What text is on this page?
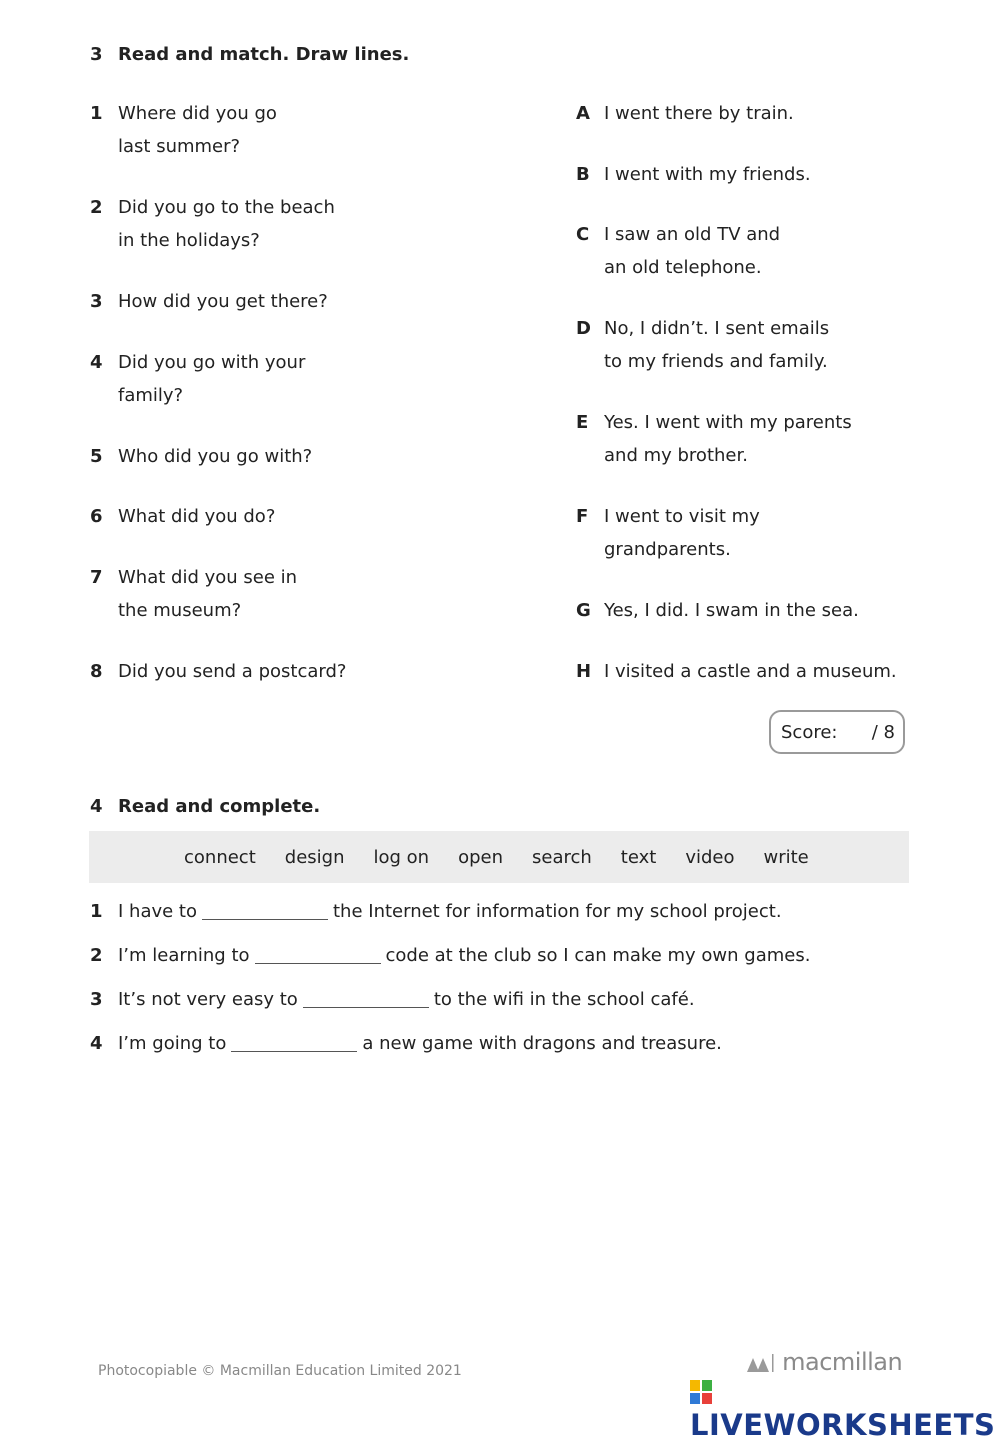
3 Read and match. Draw lines.
1 Where did you go
last summer?
2 Did you go to the beach
in the holidays?
3 How did you get there?
4 Did you go with your
family?
5 Who did you go with?
6 What did you do?
7 What did you see in
the museum?
8 Did you send a postcard?
A I went there by train.
B I went with my friends.
C I saw an old TV and
an old telephone.
D No, I didn’t. I sent emails
to my friends and family.
E Yes. I went with my parents
and my brother.
F I went to visit my
grandparents.
G Yes, I did. I swam in the sea.
H I visited a castle and a museum.
Score: / 8
4 Read and complete.
connect design log on open search text video write
1 I have to	the Internet for information for my school project.
2 I’m learning to	code at the club so I can make my own games.
3 It’s not very easy to	to the wifi in the school café.
4 I’m going to	a new game with dragons and treasure.
Photocopiable © Macmillan Education Limited 2021	macmillan
LIVEWORKSHEETS
